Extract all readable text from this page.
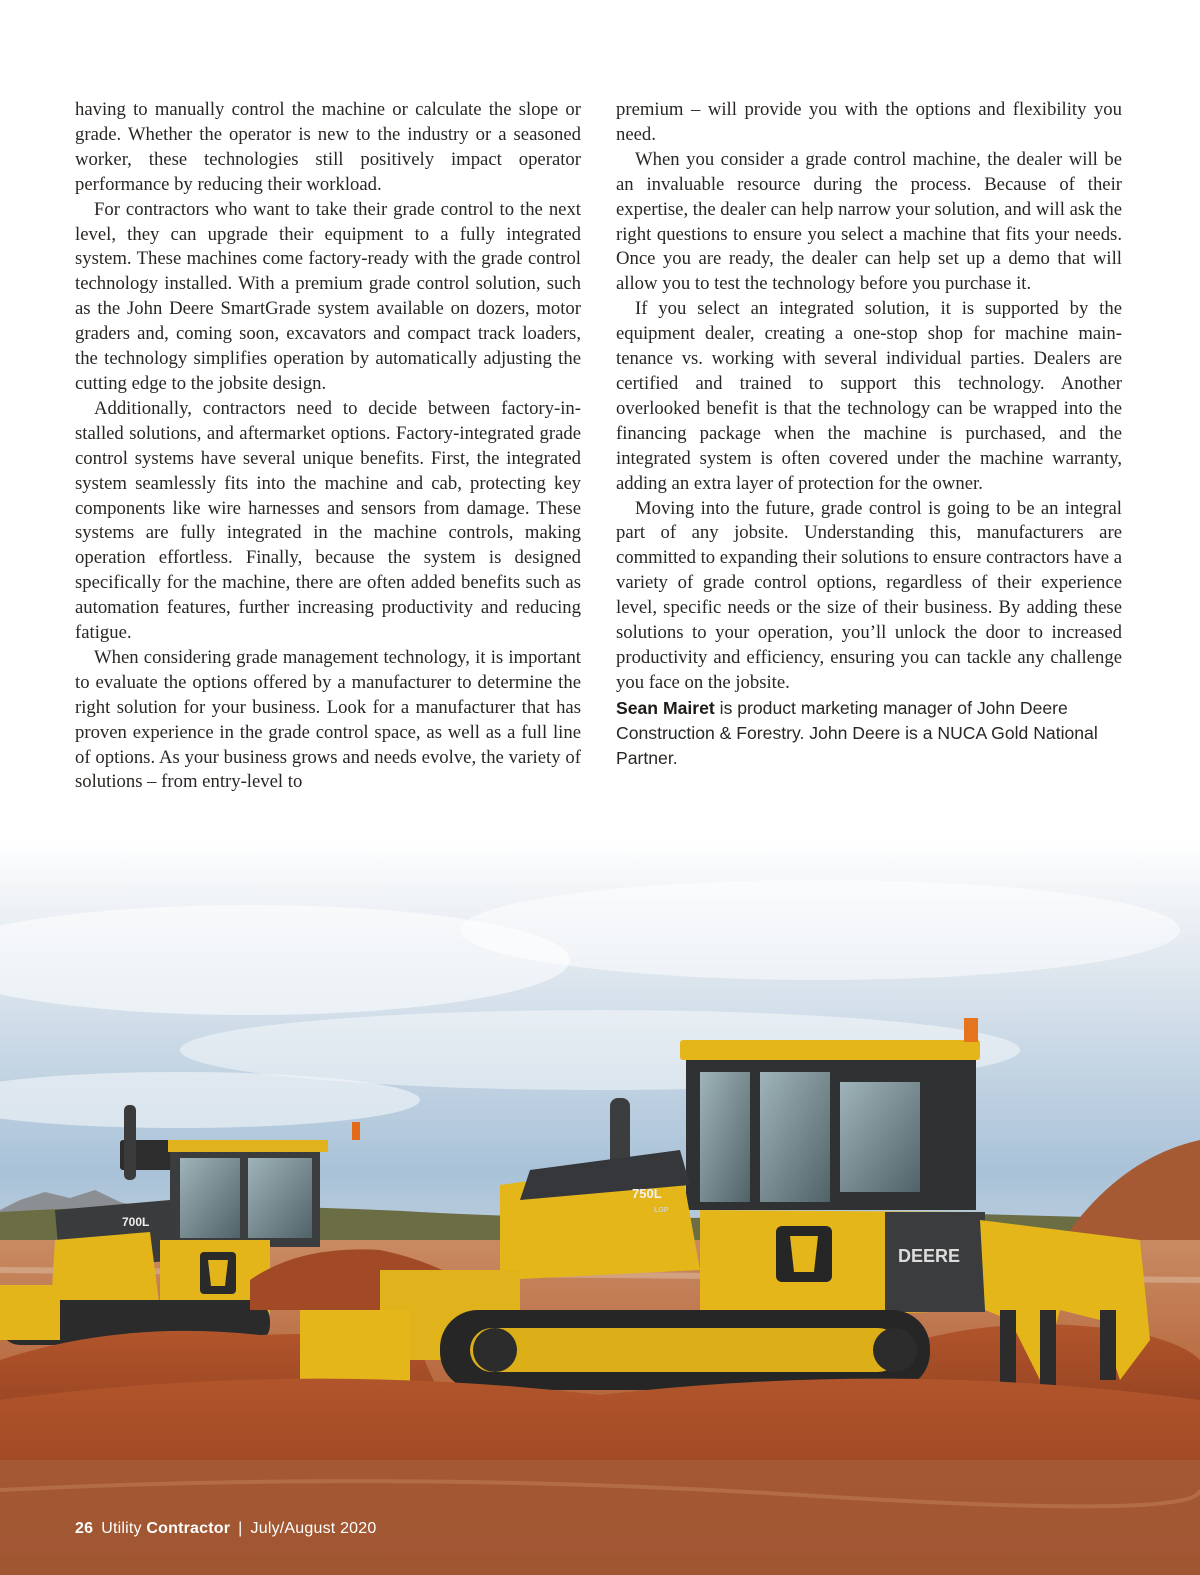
having to manually control the machine or calculate the slope or grade. Whether the operator is new to the industry or a seasoned worker, these technologies still positively impact operator performance by reducing their workload.

For contractors who want to take their grade control to the next level, they can upgrade their equipment to a fully integrated system. These machines come factory-ready with the grade control technology installed. With a premium grade control solution, such as the John Deere SmartGrade system available on dozers, motor graders and, coming soon, excavators and compact track loaders, the technology simplifies operation by automatically adjusting the cutting edge to the jobsite design.

Additionally, contractors need to decide between factory-installed solutions, and aftermarket options. Factory-integrated grade control systems have several unique benefits. First, the integrated system seamlessly fits into the machine and cab, protecting key components like wire harnesses and sensors from damage. These systems are fully integrated in the machine controls, making operation effortless. Finally, because the system is designed specifically for the machine, there are often added benefits such as automation features, further increasing productivity and reducing fatigue.

When considering grade management technology, it is important to evaluate the options offered by a manufacturer to determine the right solution for your business. Look for a manufacturer that has proven experience in the grade control space, as well as a full line of options. As your business grows and needs evolve, the variety of solutions – from entry-level to

premium – will provide you with the options and flexibility you need.

When you consider a grade control machine, the dealer will be an invaluable resource during the process. Because of their expertise, the dealer can help narrow your solution, and will ask the right questions to ensure you select a machine that fits your needs. Once you are ready, the dealer can help set up a demo that will allow you to test the technology before you purchase it.

If you select an integrated solution, it is supported by the equipment dealer, creating a one-stop shop for machine maintenance vs. working with several individual parties. Dealers are certified and trained to support this technology. Another overlooked benefit is that the technology can be wrapped into the financing package when the machine is purchased, and the integrated system is often covered under the machine warranty, adding an extra layer of protection for the owner.

Moving into the future, grade control is going to be an integral part of any jobsite. Understanding this, manufacturers are committed to expanding their solutions to ensure contractors have a variety of grade control options, regardless of their experience level, specific needs or the size of their business. By adding these solutions to your operation, you’ll unlock the door to increased productivity and efficiency, ensuring you can tackle any challenge you face on the jobsite.

Sean Mairet is product marketing manager of John Deere Construction & Forestry. John Deere is a NUCA Gold National Partner.

700L
750L
LGP
DEERE
26 Utility Contractor | July/August 2020
